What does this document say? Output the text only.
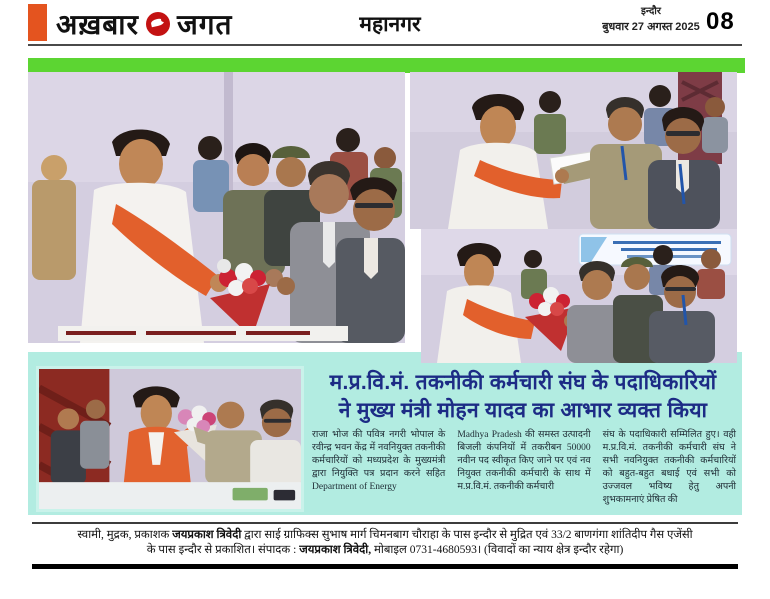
अख़बार जगत	महानगर
इन्दौर
बुधवार 27 अगस्त 2025 08
म.प्र.वि.मं. तकनीकी कर्मचारी संघ के पदाधिकारियों
ने मुख्य मंत्री मोहन यादव का आभार व्यक्त किया
राजा भोज की पवित्र नगरी भोपाल के रवीन्द्र भवन केंद्र में नवनियुक्त तकनीकी कर्मचारियों को मध्यप्रदेश के मुख्यमंत्री द्वारा नियुक्ति पत्र प्रदान करने सहित Department of Energy
Madhya Pradesh की समस्त उत्पादनी बिजली कंपनियों में तकरीबन 50000 नवीन पद स्वीकृत किए जाने पर एवं नव नियुक्त तकनीकी कर्मचारी के साथ में म.प्र.वि.मं. तकनीकी कर्मचारी
संघ के पदाधिकारी सम्मिलित हुए। वही म.प्र.वि.मं. तकनीकी कर्मचारी संघ ने सभी नवनियुक्त तकनीकी कर्मचारियों को बहुत-बहुत बधाई एवं सभी को उज्जवल भविष्य हेतु अपनी शुभकामनाएं प्रेषित की
स्वामी, मुद्रक, प्रकाशक जयप्रकाश त्रिवेदी द्वारा साई ग्राफिक्स सुभाष मार्ग चिमनबाग चौराहा के पास इन्दौर से मुद्रित एवं 33/2 बाणगंगा शांतिदीप गैस एजेंसी
के पास इन्दौर से प्रकाशित। संपादक : जयप्रकाश त्रिवेदी, मोबाइल 0731-4680593। (विवादों का न्याय क्षेत्र इन्दौर रहेगा)
